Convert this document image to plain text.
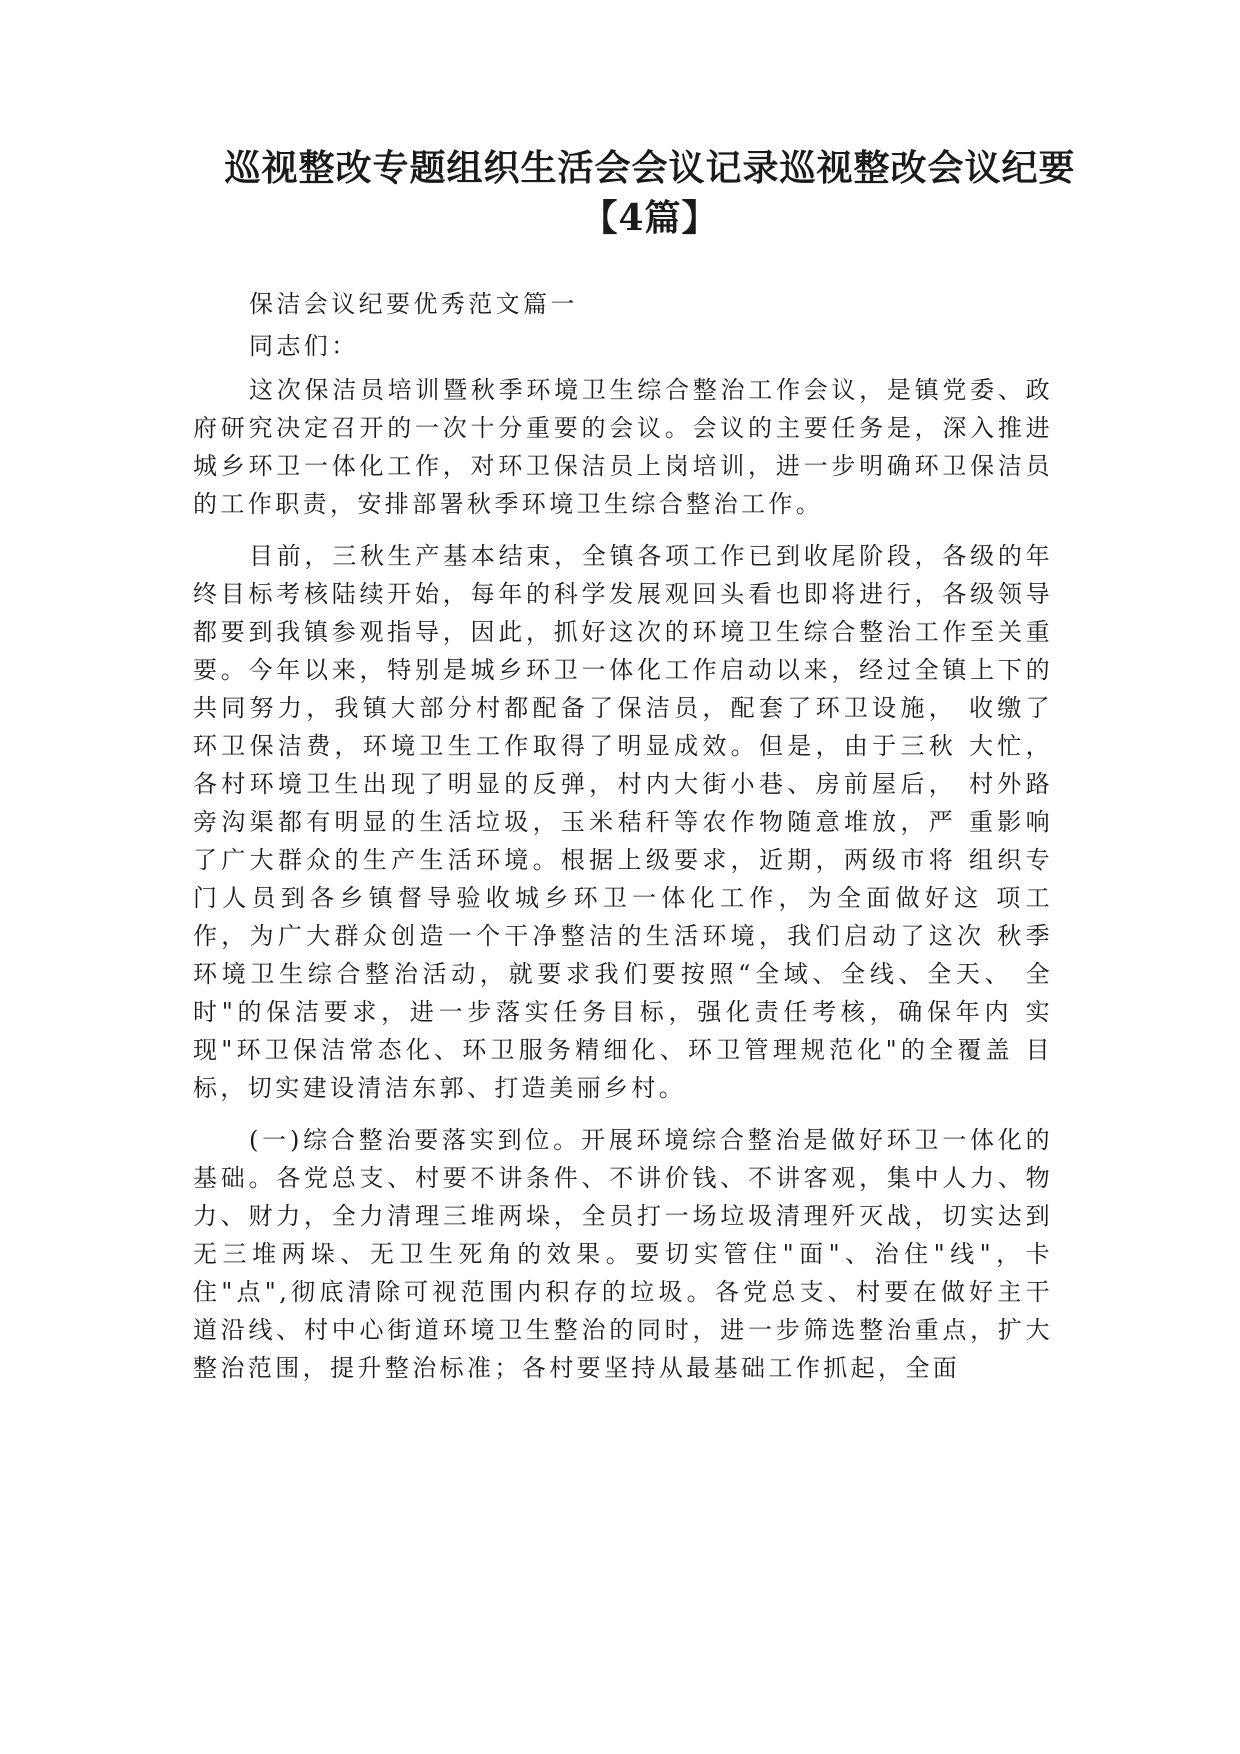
巡视整改专题组织生活会会议记录巡视整改会议纪要
【4篇】

保洁会议纪要优秀范文篇一

同志们：

这次保洁员培训暨秋季环境卫生综合整治工作会议，是镇党委、政府研究决定召开的一次十分重要的会议。会议的主要任务是，深入推进城乡环卫一体化工作，对环卫保洁员上岗培训，进一步明确环卫保洁员的工作职责，安排部署秋季环境卫生综合整治工作。

目前，三秋生产基本结束，全镇各项工作已到收尾阶段，各级的年终目标考核陆续开始，每年的科学发展观回头看也即将进行，各级领导都要到我镇参观指导，因此，抓好这次的环境卫生综合整治工作至关重要。今年以来，特别是城乡环卫一体化工作启动以来，经过全镇上下的共同努力，我镇大部分村都配备了保洁员，配套了环卫设施， 收缴了环卫保洁费，环境卫生工作取得了明显成效。但是，由于三秋 大忙，各村环境卫生出现了明显的反弹，村内大街小巷、房前屋后， 村外路旁沟渠都有明显的生活垃圾，玉米秸秆等农作物随意堆放，严 重影响了广大群众的生产生活环境。根据上级要求，近期，两级市将 组织专门人员到各乡镇督导验收城乡环卫一体化工作，为全面做好这 项工作，为广大群众创造一个干净整洁的生活环境，我们启动了这次 秋季环境卫生综合整治活动，就要求我们要按照“全域、全线、全天、 全时"的保洁要求，进一步落实任务目标，强化责任考核，确保年内 实现"环卫保洁常态化、环卫服务精细化、环卫管理规范化"的全覆盖 目标，切实建设清洁东郭、打造美丽乡村。

(一)综合整治要落实到位。开展环境综合整治是做好环卫一体化的基础。各党总支、村要不讲条件、不讲价钱、不讲客观，集中人力、物力、财力，全力清理三堆两垛，全员打一场垃圾清理歼灭战，切实达到无三堆两垛、无卫生死角的效果。要切实管住"面"、治住"线"，卡住"点",彻底清除可视范围内积存的垃圾。各党总支、村要在做好主干道沿线、村中心街道环境卫生整治的同时，进一步筛选整治重点，扩大整治范围，提升整治标准；各村要坚持从最基础工作抓起，全面
